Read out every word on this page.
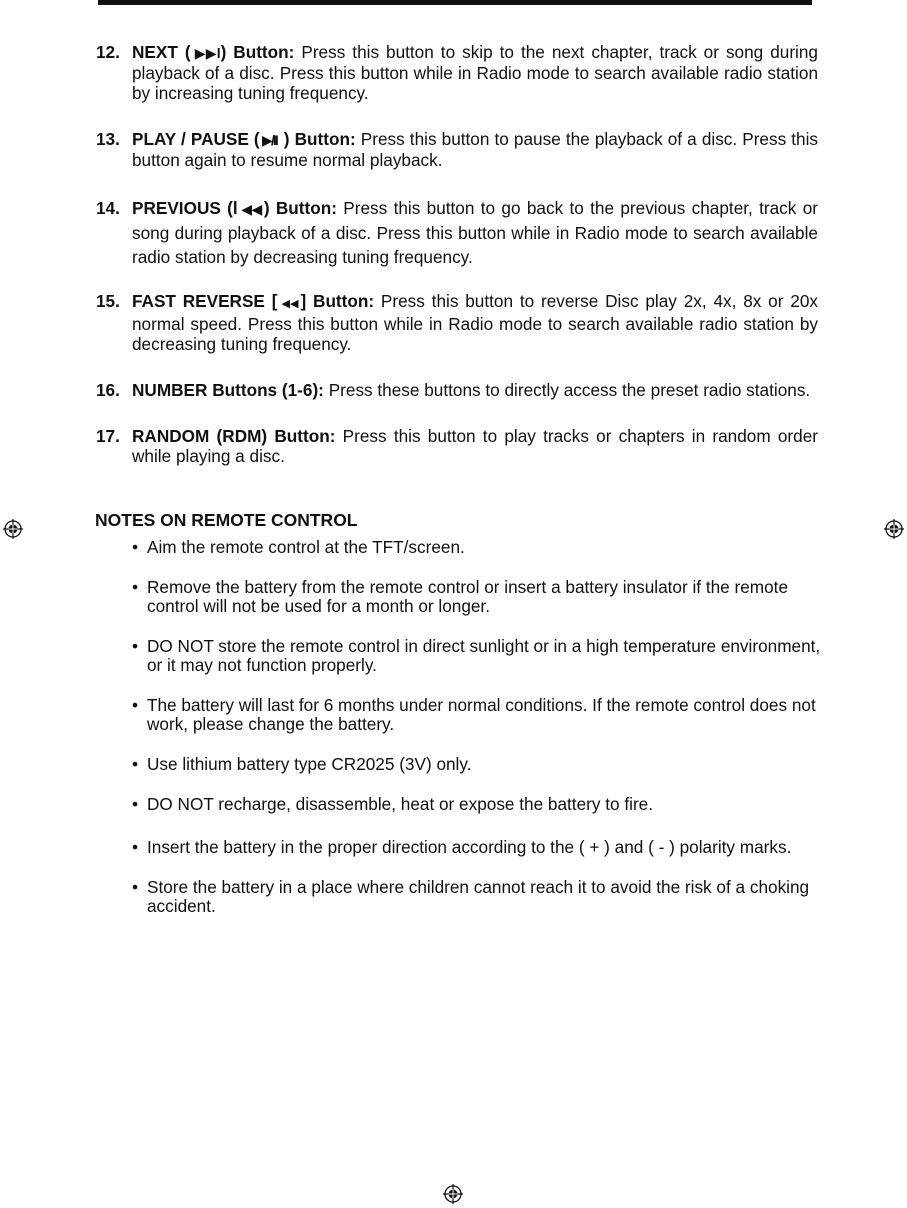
12. NEXT ( ▶▶l ) Button: Press this button to skip to the next chapter, track or song during playback of a disc. Press this button while in Radio mode to search available radio station by increasing tuning frequency.
13. PLAY / PAUSE ( ▶/II ) Button: Press this button to pause the playback of a disc. Press this button again to resume normal playback.
14. PREVIOUS (l ◀◀ ) Button: Press this button to go back to the previous chapter, track or song during playback of a disc. Press this button while in Radio mode to search available radio station by decreasing tuning frequency.
15. FAST REVERSE [ ◀◀ ] Button: Press this button to reverse Disc play 2x, 4x, 8x or 20x normal speed. Press this button while in Radio mode to search available radio station by decreasing tuning frequency.
16. NUMBER Buttons (1-6): Press these buttons to directly access the preset radio stations.
17. RANDOM (RDM) Button: Press this button to play tracks or chapters in random order while playing a disc.
NOTES ON REMOTE CONTROL
• Aim the remote control at the TFT/screen.
• Remove the battery from the remote control or insert a battery insulator if the remote control will not be used for a month or longer.
• DO NOT store the remote control in direct sunlight or in a high temperature environment, or it may not function properly.
• The battery will last for 6 months under normal conditions. If the remote control does not work, please change the battery.
• Use lithium battery type CR2025 (3V) only.
• DO NOT recharge, disassemble, heat or expose the battery to fire.
• Insert the battery in the proper direction according to the ( + ) and ( - ) polarity marks.
• Store the battery in a place where children cannot reach it to avoid the risk of a choking accident.
